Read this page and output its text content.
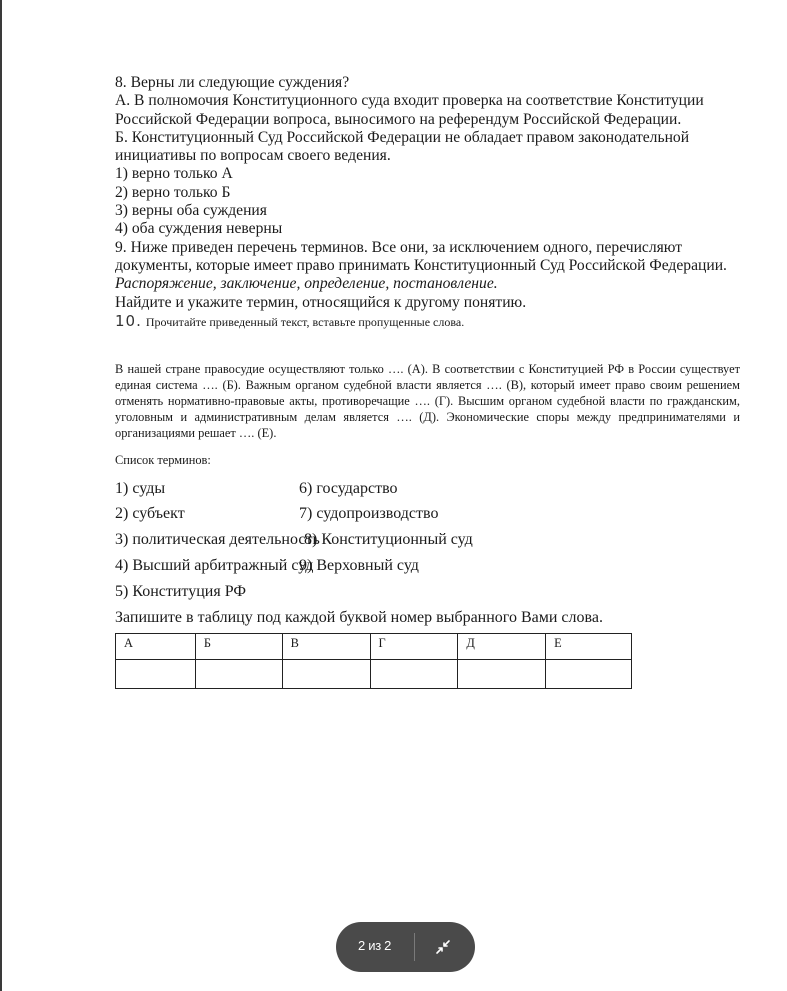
8. Верны ли следующие суждения?

А. В полномочия Конституционного суда входит проверка на соответствие Конституции Российской Федерации вопроса, выносимого на референдум Российской Федерации.

Б. Конституционный Суд Российской Федерации не обладает правом законодательной инициативы по вопросам своего ведения.

1) верно только А

2) верно только Б

3) верны оба суждения

4) оба суждения неверны

9. Ниже приведен перечень терминов. Все они, за исключением одного, перечисляют документы, которые имеет право принимать Конституционный Суд Российской Федерации.

Распоряжение, заключение, определение, постановление.

Найдите и укажите термин, относящийся к другому понятию.

10. Прочитайте приведенный текст, вставьте пропущенные слова.
В нашей стране правосудие осуществляют только …. (А). В соответствии с Конституцией РФ в России существует единая система …. (Б). Важным органом судебной власти является …. (В), который имеет право своим решением отменять нормативно-правовые акты, противоречащие …. (Г). Высшим органом судебной власти по гражданским, уголовным и административным делам является …. (Д). Экономические споры между предпринимателями и организациями решает …. (Е).
Список терминов:
1) суды
2) субъект
3) политическая деятельность
4) Высший арбитражный суд
5) Конституция РФ
6) государство
7) судопроизводство
8) Конституционный суд
9) Верховный суд
Запишите в таблицу под каждой буквой номер выбранного Вами слова.
А	Б	В	Г	Д	Е

2 из 2
